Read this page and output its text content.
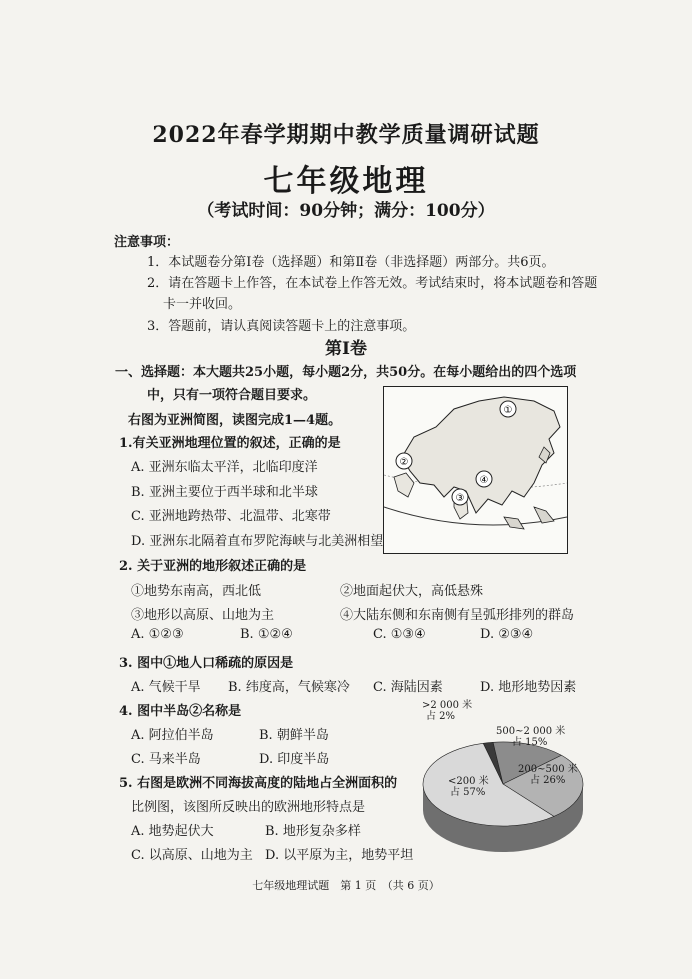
2022年春学期期中教学质量调研试题
七年级地理
（考试时间：90分钟；满分：100分）
注意事项：
1．本试题卷分第Ⅰ卷（选择题）和第Ⅱ卷（非选择题）两部分。共6页。
2．请在答题卡上作答，在本试卷上作答无效。考试结束时，将本试题卷和答题
卡一并收回。
3．答题前，请认真阅读答题卡上的注意事项。
第Ⅰ卷
一、选择题：本大题共25小题，每小题2分，共50分。在每小题给出的四个选项
中，只有一项符合题目要求。
右图为亚洲简图，读图完成1—4题。
1.有关亚洲地理位置的叙述，正确的是
A. 亚洲东临太平洋，北临印度洋
B. 亚洲主要位于西半球和北半球
C. 亚洲地跨热带、北温带、北寒带
D. 亚洲东北隔着直布罗陀海峡与北美洲相望
①
②
③
④
2. 关于亚洲的地形叙述正确的是
①地势东南高，西北低	②地面起伏大，高低悬殊
③地形以高原、山地为主	④大陆东侧和东南侧有呈弧形排列的群岛
A. ①②③	B. ①②④	C. ①③④	D. ②③④
3. 图中①地人口稀疏的原因是
A. 气候干旱 B. 纬度高，气候寒冷 C. 海陆因素	D. 地形地势因素
4. 图中半岛②名称是
A. 阿拉伯半岛	B. 朝鲜半岛
C. 马来半岛	D. 印度半岛
5. 右图是欧洲不同海拔高度的陆地占全洲面积的
比例图，该图所反映出的欧洲地形特点是
A. 地势起伏大	B. 地形复杂多样
C. 以高原、山地为主 D. 以平原为主，地势平坦
>2 000 米
占 2%
500~2 000 米
占 15%
200~500 米
占 26%
<200 米
占 57%
七年级地理试题　第 1 页　（共 6 页）
